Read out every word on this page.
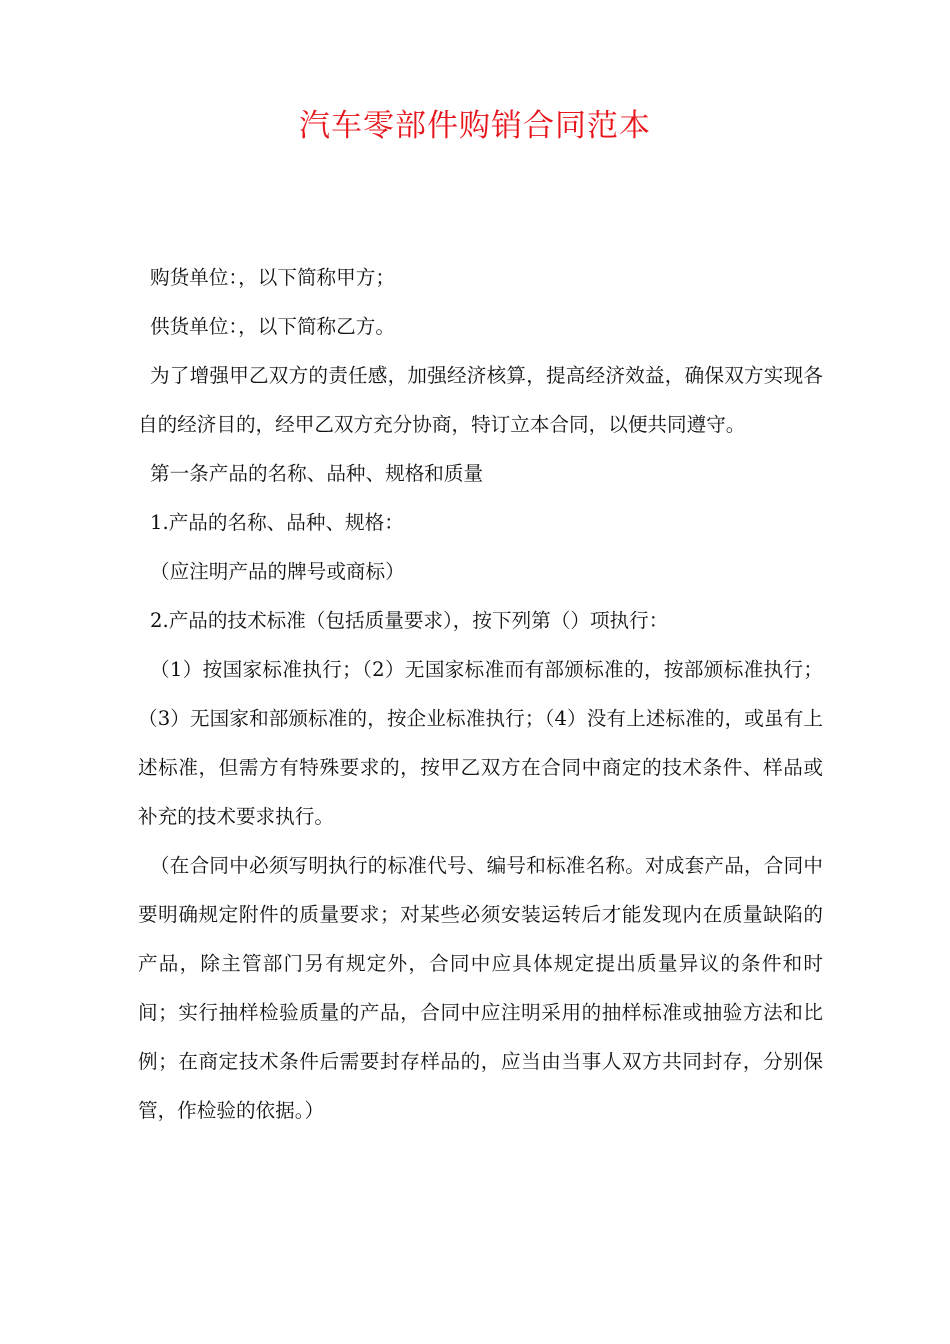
汽车零部件购销合同范本

购货单位：，以下简称甲方；

供货单位：，以下简称乙方。

为了增强甲乙双方的责任感，加强经济核算，提高经济效益，确保双方实现各自的经济目的，经甲乙双方充分协商，特订立本合同，以便共同遵守。

第一条产品的名称、品种、规格和质量

1.产品的名称、品种、规格：

（应注明产品的牌号或商标）

2.产品的技术标准（包括质量要求），按下列第（）项执行：

（1）按国家标准执行；（2）无国家标准而有部颁标准的，按部颁标准执行；（3）无国家和部颁标准的，按企业标准执行；（4）没有上述标准的，或虽有上述标准，但需方有特殊要求的，按甲乙双方在合同中商定的技术条件、样品或补充的技术要求执行。

（在合同中必须写明执行的标准代号、编号和标准名称。对成套产品，合同中要明确规定附件的质量要求；对某些必须安装运转后才能发现内在质量缺陷的产品，除主管部门另有规定外，合同中应具体规定提出质量异议的条件和时间；实行抽样检验质量的产品，合同中应注明采用的抽样标准或抽验方法和比例；在商定技术条件后需要封存样品的，应当由当事人双方共同封存，分别保管，作检验的依据。）
